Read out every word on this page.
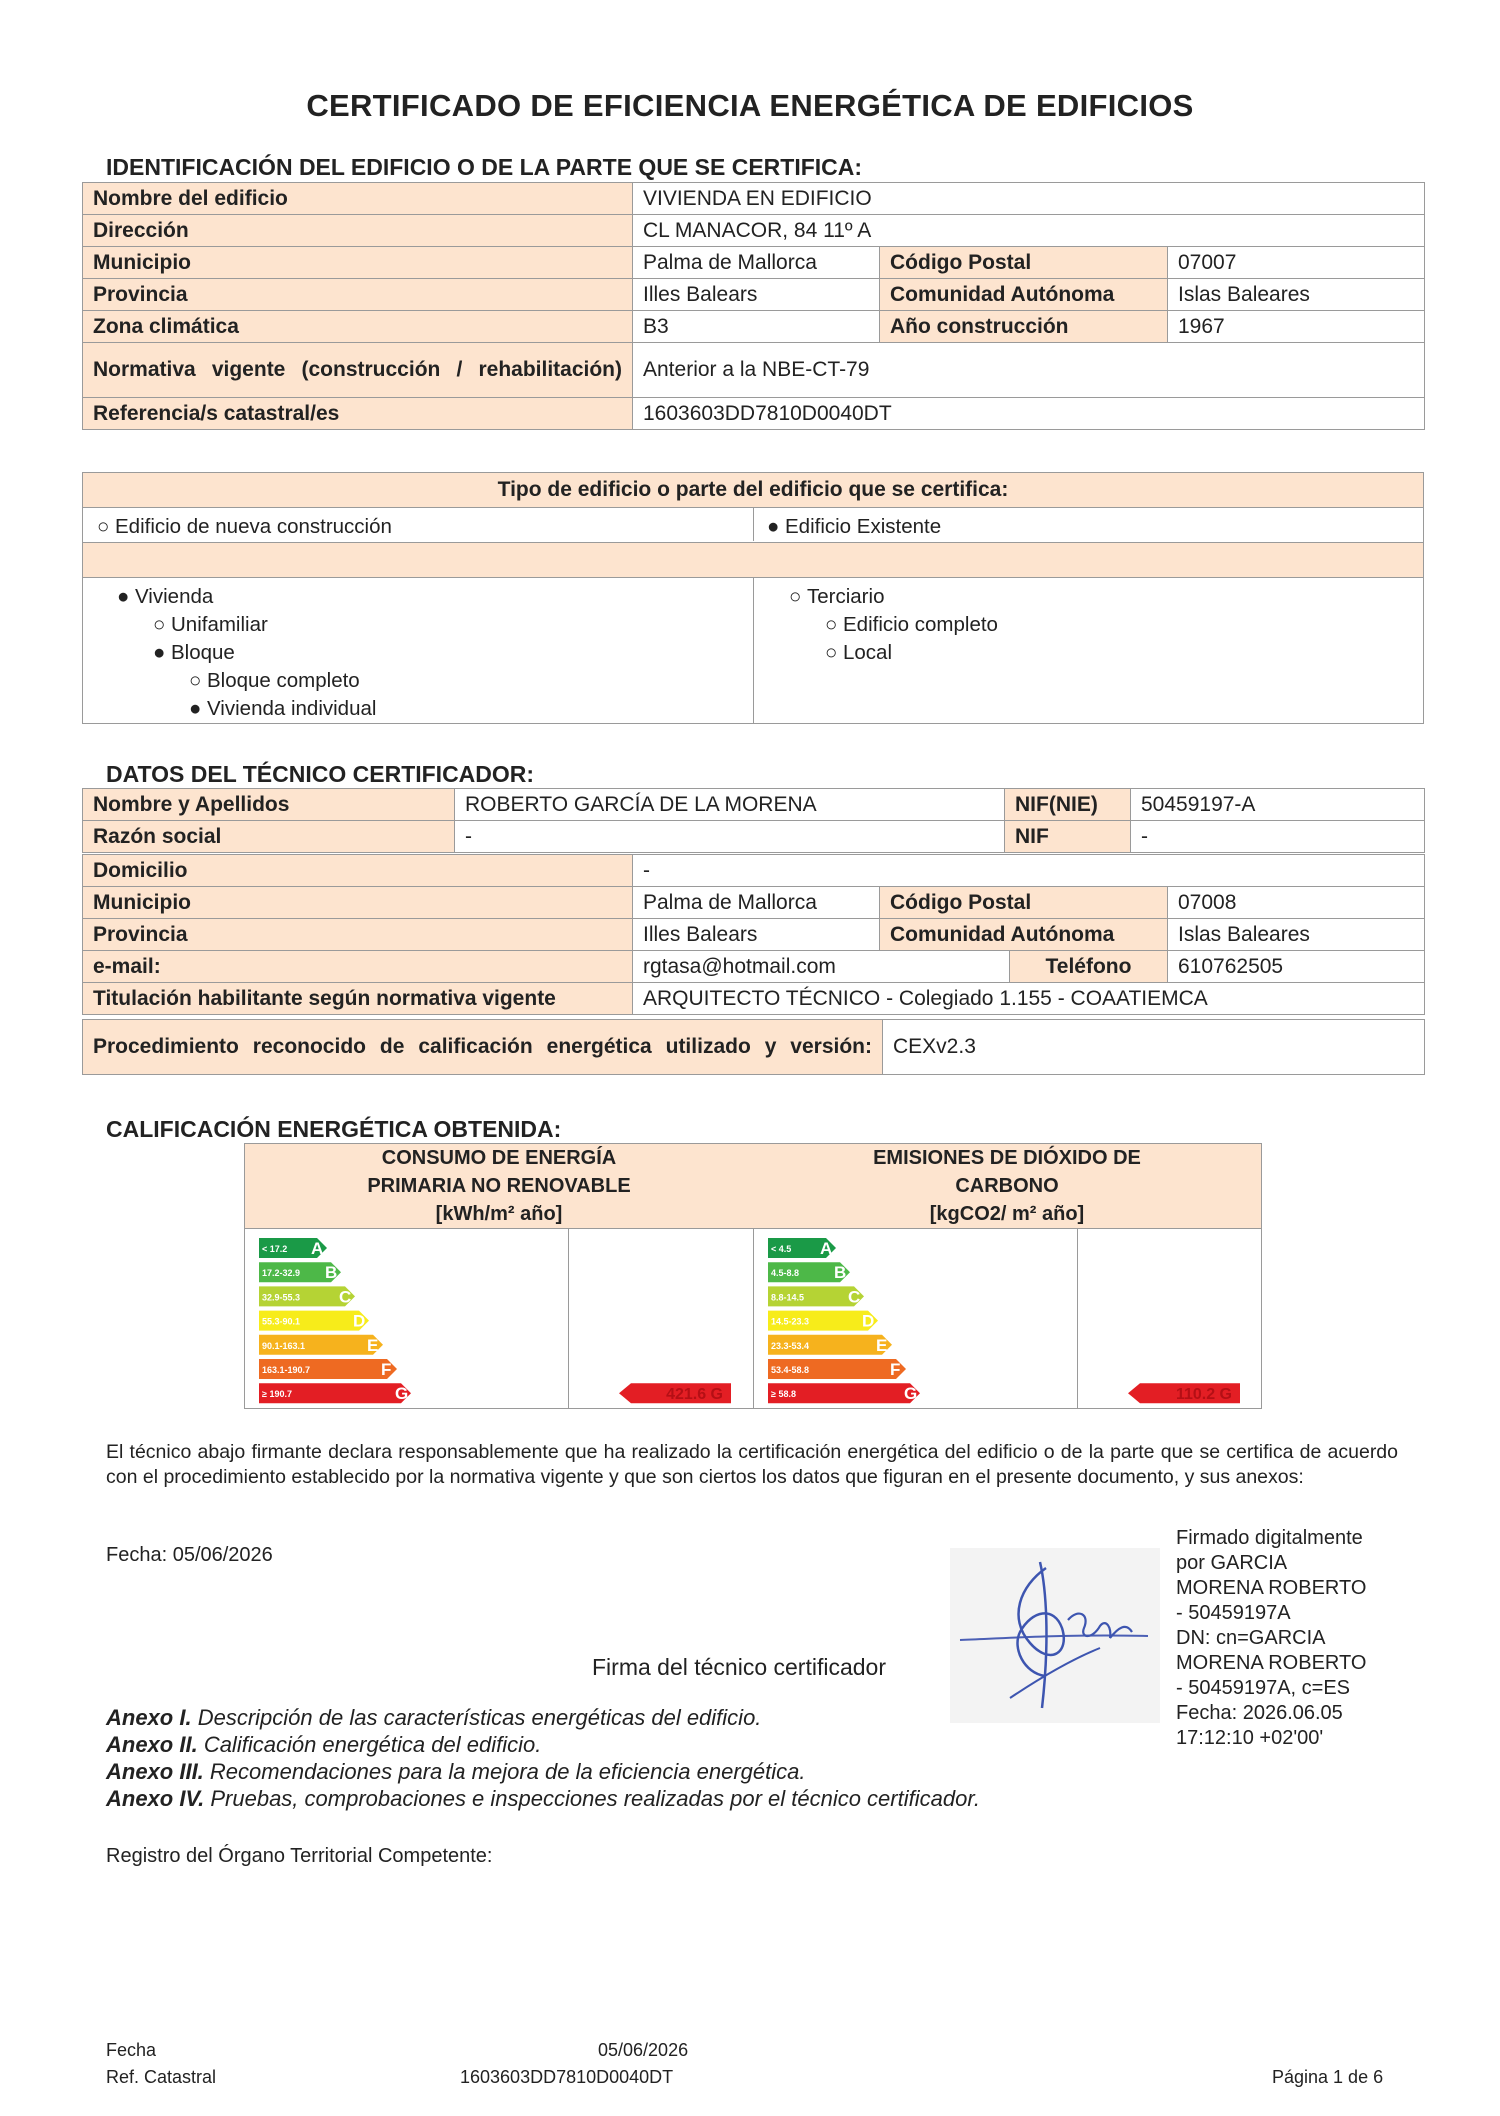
CERTIFICADO DE EFICIENCIA ENERGÉTICA DE EDIFICIOS
IDENTIFICACIÓN DEL EDIFICIO O DE LA PARTE QUE SE CERTIFICA:
Nombre del edificio	VIVIENDA EN EDIFICIO		
Dirección	CL MANACOR, 84 11º A		
Municipio	Palma de Mallorca	Código Postal	07007
Provincia	Illes Balears	Comunidad Autónoma	Islas Baleares
Zona climática	B3	Año construcción	1967
Normativa vigente (construcción / rehabilitación)	Anterior a la NBE-CT-79		
Referencia/s catastral/es	1603603DD7810D0040DT		
Tipo de edificio o parte del edificio que se certifica:
○ Edificio de nueva construcción	● Edificio Existente
● Vivienda
○ Unifamiliar
● Bloque
○ Bloque completo
● Vivienda individual
○ Terciario
○ Edificio completo
○ Local
DATOS DEL TÉCNICO CERTIFICADOR:
Nombre y Apellidos	ROBERTO GARCÍA DE LA MORENA	NIF(NIE)	50459197-A
Razón social	-	NIF	-
Domicilio	-			
Municipio	Palma de Mallorca	Código Postal		07008
Provincia	Illes Balears	Comunidad Autónoma		Islas Baleares
e-mail:	rgtasa@hotmail.com		Teléfono	610762505
Titulación habilitante según normativa vigente	ARQUITECTO TÉCNICO - Colegiado 1.155 - COAATIEMCA			
Procedimiento reconocido de calificación energética utilizado y versión:	CEXv2.3
CALIFICACIÓN ENERGÉTICA OBTENIDA:
CONSUMO DE ENERGÍA
PRIMARIA NO RENOVABLE
[kWh/m² año]
EMISIONES DE DIÓXIDO DE
CARBONO
[kgCO2/ m² año]
< 17.2 A
17.2-32.9 B
32.9-55.3 C
55.3-90.1	D
90.1-163.1	E
163.1-190.7	F
≥ 190.7	G	421.6 G
< 4.5 A
4.5-8.8 B
8.8-14.5	C
14.5-23.3	D
23.3-53.4	E
53.4-58.8	F
≥ 58.8	G	110.2 G
El técnico abajo firmante declara responsablemente que ha realizado la certificación energética del edificio o de la parte que se certifica de acuerdo con el procedimiento establecido por la normativa vigente y que son ciertos los datos que figuran en el presente documento, y sus anexos:
Fecha: 05/06/2026
Firma del técnico certificador
Firmado digitalmente
por GARCIA
MORENA ROBERTO
- 50459197A
DN: cn=GARCIA
MORENA ROBERTO
- 50459197A, c=ES
Fecha: 2026.06.05
17:12:10 +02'00'
Anexo I. Descripción de las características energéticas del edificio.
Anexo II. Calificación energética del edificio.
Anexo III. Recomendaciones para la mejora de la eficiencia energética.
Anexo IV. Pruebas, comprobaciones e inspecciones realizadas por el técnico certificador.
Registro del Órgano Territorial Competente:
Fecha	05/06/2026
Ref. Catastral	1603603DD7810D0040DT	Página 1 de 6
